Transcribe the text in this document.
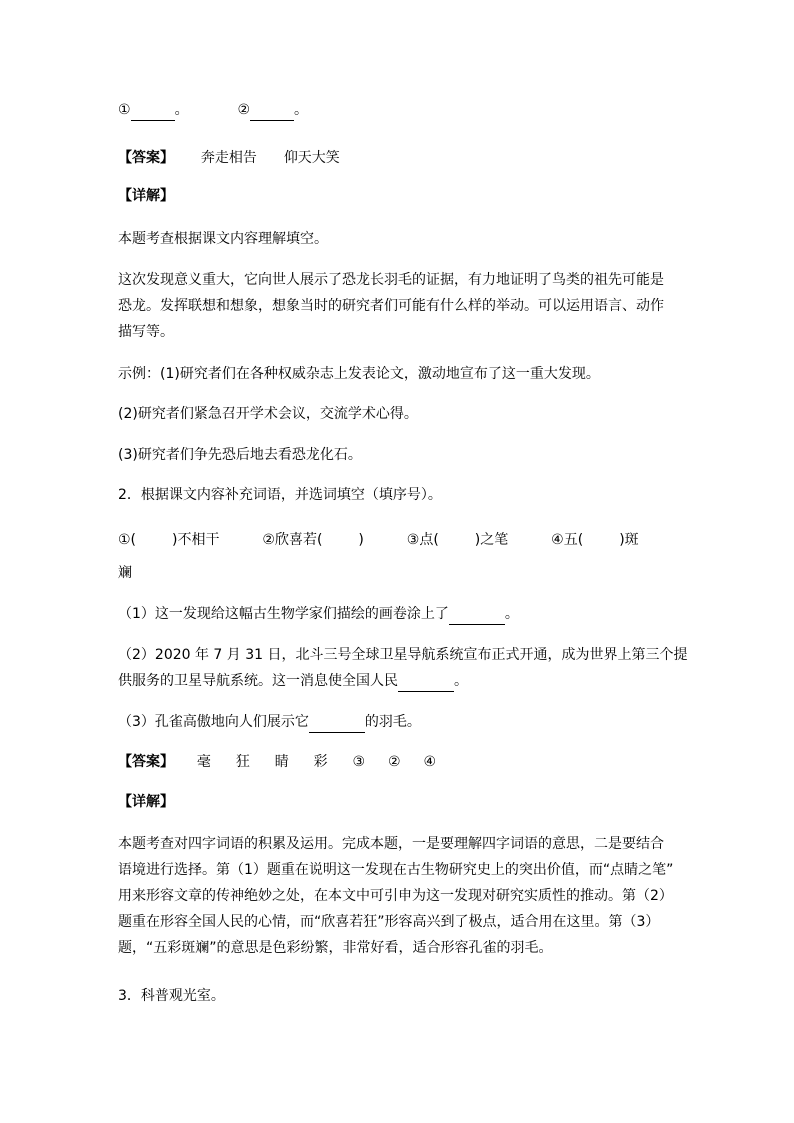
①	。	②	。
【答案】 奔走相告 仰天大笑
【详解】
本题考查根据课文内容理解填空。
这次发现意义重大，它向世人展示了恐龙长羽毛的证据，有力地证明了鸟类的祖先可能是
恐龙。发挥联想和想象，想象当时的研究者们可能有什么样的举动。可以运用语言、动作
描写等。
示例：(1)研究者们在各种权威杂志上发表论文，激动地宣布了这一重大发现。
(2)研究者们紧急召开学术会议，交流学术心得。
(3)研究者们争先恐后地去看恐龙化石。
2．根据课文内容补充词语，并选词填空（填序号）。
①(	)不相干	②欣喜若(	)	③点(	)之笔	④五(	)斑
斓
（1）这一发现给这幅古生物学家们描绘的画卷涂上了	。
（2）2020 年 7 月 31 日，北斗三号全球卫星导航系统宣布正式开通，成为世界上第三个提
供服务的卫星导航系统。这一消息使全国人民	。
（3）孔雀高傲地向人们展示它	的羽毛。
【答案】 毫 狂 睛 彩 ③ ② ④
【详解】
本题考查对四字词语的积累及运用。完成本题，一是要理解四字词语的意思，二是要结合
语境进行选择。第（1）题重在说明这一发现在古生物研究史上的突出价值，而“点睛之笔”
用来形容文章的传神绝妙之处，在本文中可引申为这一发现对研究实质性的推动。第（2）
题重在形容全国人民的心情，而“欣喜若狂”形容高兴到了极点，适合用在这里。第（3）
题，“五彩斑斓”的意思是色彩纷繁，非常好看，适合形容孔雀的羽毛。
3．科普观光室。
